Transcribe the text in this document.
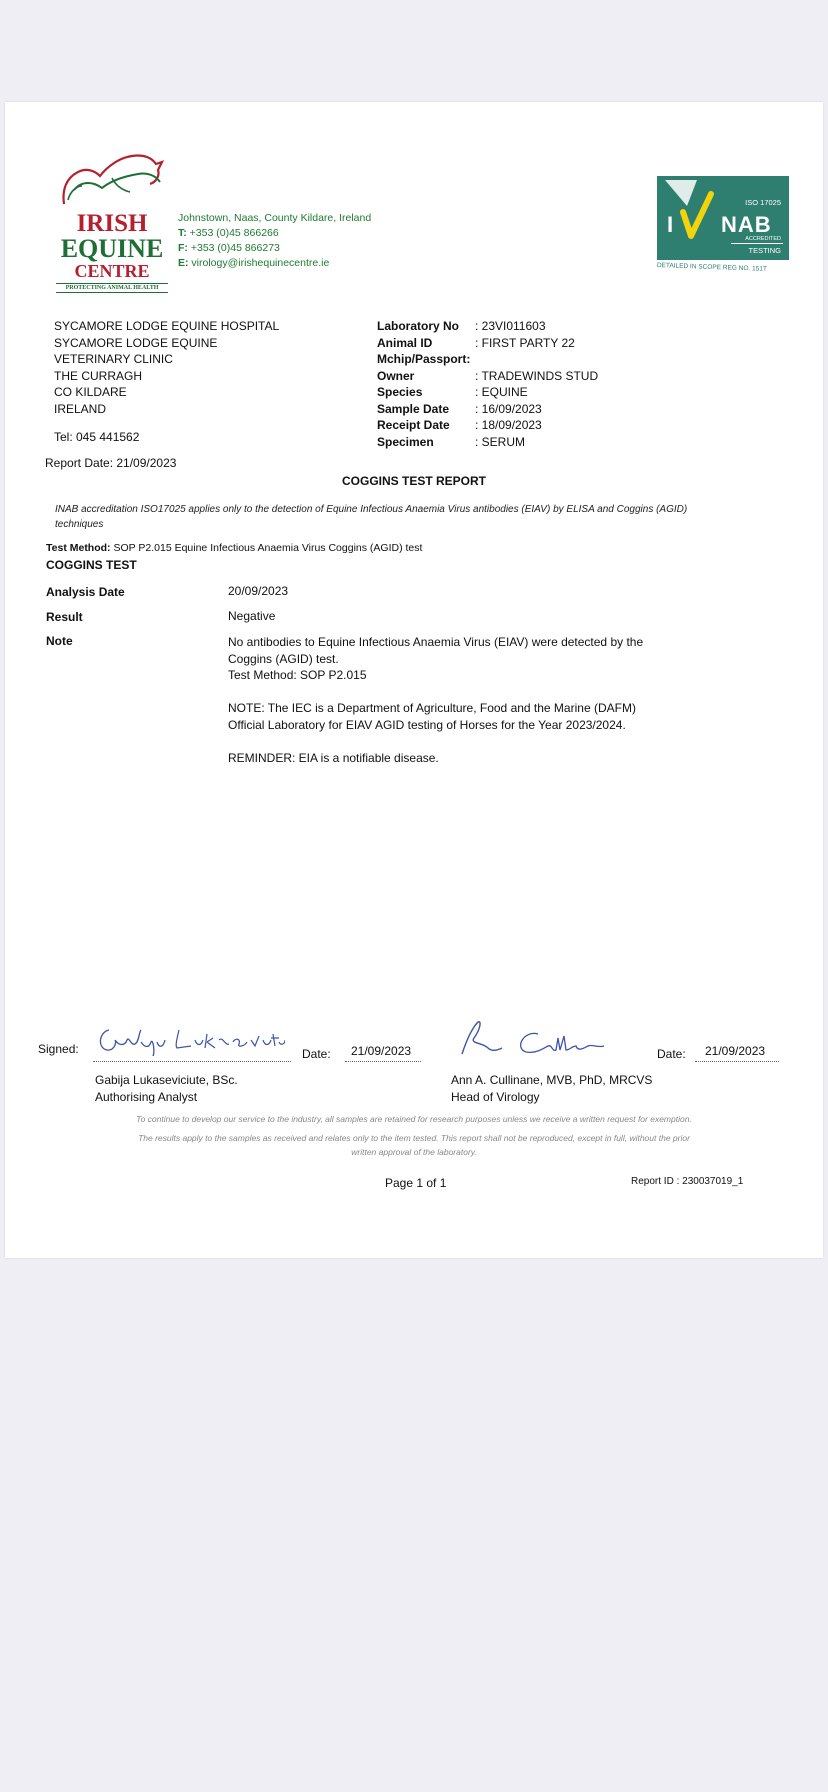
IRISH
EQUINE
CENTRE
PROTECTING ANIMAL HEALTH
Johnstown, Naas, County Kildare, Ireland
T: +353 (0)45 866266
F: +353 (0)45 866273
E: virology@irishequinecentre.ie
ISO 17025
I NAB
ACCREDITED
TESTING
DETAILED IN SCOPE REG NO. 151T
SYCAMORE LODGE EQUINE HOSPITAL
SYCAMORE LODGE EQUINE
VETERINARY CLINIC
THE CURRAGH
CO KILDARE
IRELAND
Tel: 045 441562
Laboratory No	: 23VI011603
Animal ID	: FIRST PARTY 22
Mchip/Passport:
Owner	: TRADEWINDS STUD
Species	: EQUINE
Sample Date	: 16/09/2023
Receipt Date	: 18/09/2023
Specimen	: SERUM
Report Date: 21/09/2023
COGGINS TEST REPORT
INAB accreditation ISO17025 applies only to the detection of Equine Infectious Anaemia Virus antibodies (EIAV) by ELISA and Coggins (AGID) techniques
Test Method: SOP P2.015 Equine Infectious Anaemia Virus Coggins (AGID) test
COGGINS TEST
Analysis Date	20/09/2023
Result	Negative
Note	No antibodies to Equine Infectious Anaemia Virus (EIAV) were detected by the Coggins (AGID) test.

Test Method: SOP P2.015

NOTE: The IEC is a Department of Agriculture, Food and the Marine (DAFM) Official Laboratory for EIAV AGID testing of Horses for the Year 2023/2024.

REMINDER: EIA is a notifiable disease.

Signed:	Date: 21/09/2023	Date: 21/09/2023
Gabija Lukaseviciute, BSc.
Authorising Analyst
Ann A. Cullinane, MVB, PhD, MRCVS
Head of Virology
To continue to develop our service to the industry, all samples are retained for research purposes unless we receive a written request for exemption.
The results apply to the samples as received and relates only to the item tested. This report shall not be reproduced, except in full, without the prior
written approval of the laboratory.
Page 1 of 1	Report ID : 230037019_1
